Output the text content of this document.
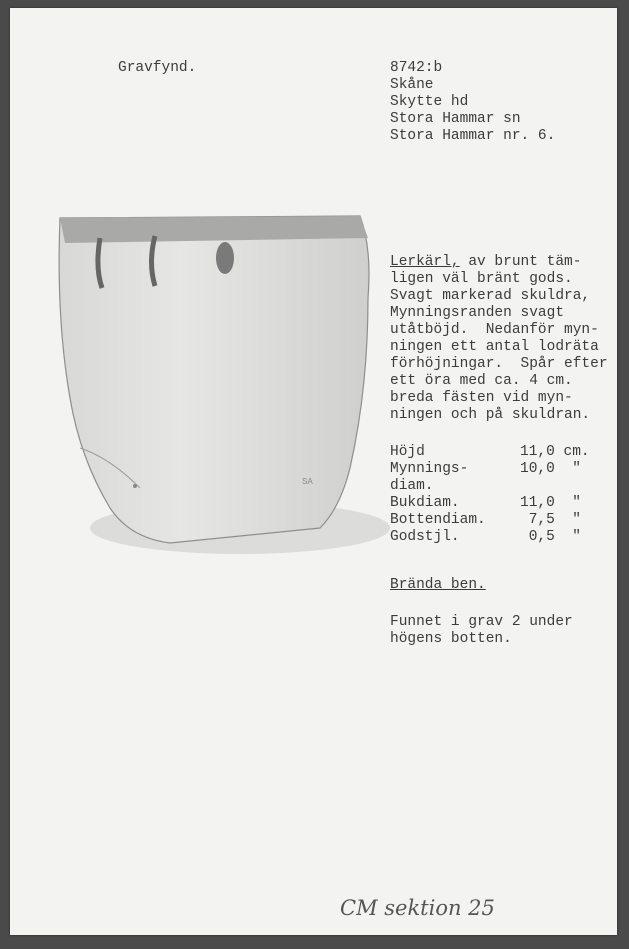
Gravfynd.	8742:b
Skåne
Skytte hd
Stora Hammar sn
Stora Hammar nr. 6.
SA
Lerkärl, av brunt täm-
ligen väl bränt gods.
Svagt markerad skuldra,
Mynningsranden svagt
utåtböjd.  Nedanför myn-
ningen ett antal lodräta
förhöjningar.  Spår efter
ett öra med ca. 4 cm.
breda fästen vid myn-
ningen och på skuldran.
Höjd	11,0 cm.
Mynnings-	10,0  "
diam.
Bukdiam.	11,0  "
Bottendiam. 7,5  "
Godstjl.	0,5  "
Brända ben.
Funnet i grav 2 under
högens botten.
CM sektion 25
